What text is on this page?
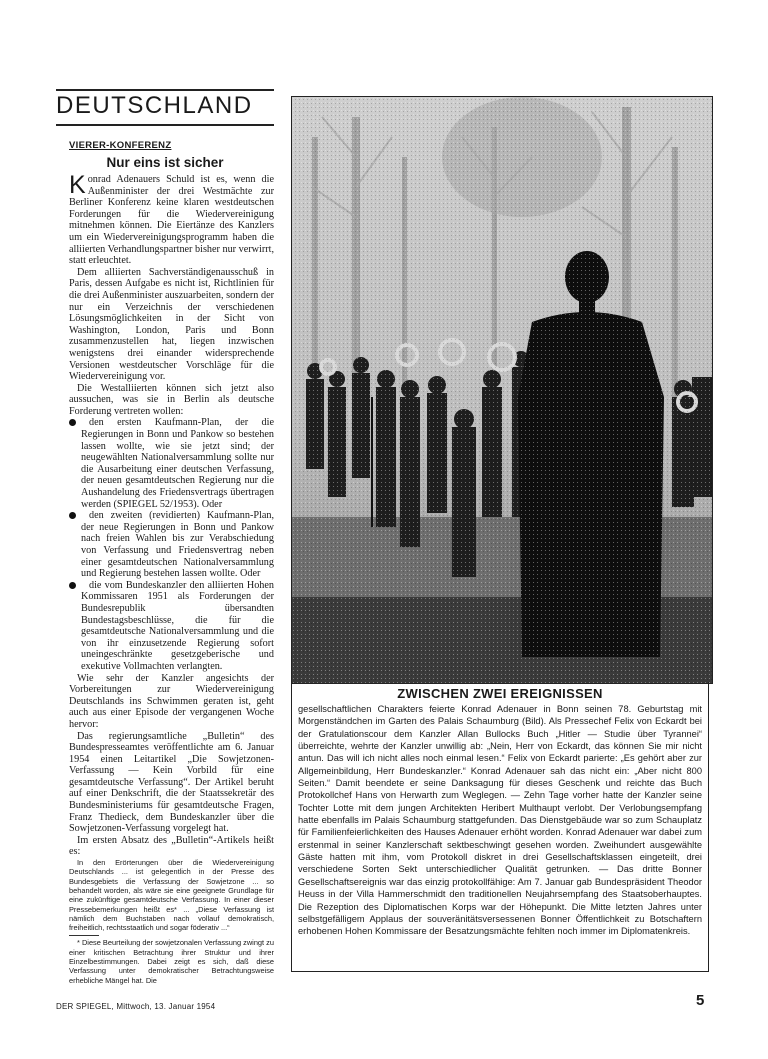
DEUTSCHLAND
VIERER-KONFERENZ
Nur eins ist sicher

Konrad Adenauers Schuld ist es, wenn die Außenminister der drei Westmächte zur Berliner Konferenz keine klaren westdeutschen Forderungen für die Wiedervereinigung mitnehmen können. Die Eiertänze des Kanzlers um ein Wiedervereinigungsprogramm haben die alliierten Verhandlungspartner bisher nur verwirrt, statt erleuchtet.

Dem alliierten Sachverständigenausschuß in Paris, dessen Aufgabe es nicht ist, Richtlinien für die drei Außenminister auszuarbeiten, sondern der nur ein Verzeichnis der verschiedenen Lösungsmöglichkeiten in der Sicht von Washington, London, Paris und Bonn zusammenzustellen hat, liegen inzwischen wenigstens drei einander widersprechende Versionen westdeutscher Vorschläge für die Wiedervereinigung vor.

Die Westalliierten können sich jetzt also aussuchen, was sie in Berlin als deutsche Forderung vertreten wollen:

den ersten Kaufmann-Plan, der die Regierungen in Bonn und Pankow so bestehen lassen wollte, wie sie jetzt sind; der neugewählten Nationalversammlung sollte nur die Ausarbeitung einer deutschen Verfassung, der neuen gesamtdeutschen Regierung nur die Aushandelung des Friedensvertrags übertragen werden (SPIEGEL 52/1953). Oder

den zweiten (revidierten) Kaufmann-Plan, der neue Regierungen in Bonn und Pankow nach freien Wahlen bis zur Verabschiedung von Verfassung und Friedensvertrag neben einer gesamtdeutschen Nationalversammlung und Regierung bestehen lassen wollte. Oder

die vom Bundeskanzler den alliierten Hohen Kommissaren 1951 als Forderungen der Bundesrepublik übersandten Bundestagsbeschlüsse, die für die gesamtdeutsche Nationalversammlung und die von ihr einzusetzende Regierung sofort uneingeschränkte gesetzgeberische und exekutive Vollmachten verlangten.

Wie sehr der Kanzler angesichts der Vorbereitungen zur Wiedervereinigung Deutschlands ins Schwimmen geraten ist, geht auch aus einer Episode der vergangenen Woche hervor:

Das regierungsamtliche „Bulletin“ des Bundespresseamtes veröffentlichte am 6. Januar 1954 einen Leitartikel „Die Sowjetzonen-Verfassung — Kein Vorbild für eine gesamtdeutsche Verfassung“. Der Artikel beruht auf einer Denkschrift, die der Staatssekretär des Bundesministeriums für gesamtdeutsche Fragen, Franz Thedieck, dem Bundeskanzler über die Sowjetzonen-Verfassung vorgelegt hat.

Im ersten Absatz des „Bulletin“-Artikels heißt es:

In den Erörterungen über die Wiedervereinigung Deutschlands ... ist gelegentlich in der Presse des Bundesgebiets die Verfassung der Sowjetzone ... so behandelt worden, als wäre sie eine geeignete Grundlage für eine zukünftige gesamtdeutsche Verfassung. In einer dieser Pressebemerkungen heißt es* ... „Diese Verfassung ist nämlich dem Buchstaben nach vollauf demokratisch, freiheitlich, rechtsstaatlich und sogar föderativ ...“

* Diese Beurteilung der sowjetzonalen Verfassung zwingt zu einer kritischen Betrachtung ihrer Struktur und ihrer Einzelbestimmungen. Dabei zeigt es sich, daß diese Verfassung unter demokratischer Betrachtungsweise erhebliche Mängel hat. Die

ZWISCHEN ZWEI EREIGNISSEN

gesellschaftlichen Charakters feierte Konrad Adenauer in Bonn seinen 78. Geburtstag mit Morgenständchen im Garten des Palais Schaumburg (Bild). Als Pressechef Felix von Eckardt bei der Gratulationscour dem Kanzler Allan Bullocks Buch „Hitler — Studie über Tyrannei“ überreichte, wehrte der Kanzler unwillig ab: „Nein, Herr von Eckardt, das können Sie mir nicht antun. Das will ich nicht alles noch einmal lesen.“ Felix von Eckardt parierte: „Es gehört aber zur Allgemeinbildung, Herr Bundeskanzler.“ Konrad Adenauer sah das nicht ein: „Aber nicht 800 Seiten.“ Damit beendete er seine Danksagung für dieses Geschenk und reichte das Buch Protokollchef Hans von Herwarth zum Weglegen. — Zehn Tage vorher hatte der Kanzler seine Tochter Lotte mit dem jungen Architekten Heribert Multhaupt verlobt. Der Verlobungsempfang hatte ebenfalls im Palais Schaumburg stattgefunden. Das Dienstgebäude war so zum Schauplatz für Familienfeierlichkeiten des Hauses Adenauer erhöht worden. Konrad Adenauer war dabei zum erstenmal in seiner Kanzlerschaft sektbeschwingt gesehen worden. Zweihundert ausgewählte Gäste hatten mit ihm, vom Protokoll diskret in drei Gesellschaftsklassen eingeteilt, drei verschiedene Sorten Sekt unterschiedlicher Qualität getrunken. — Das dritte Bonner Gesellschaftsereignis war das einzig protokollfähige: Am 7. Januar gab Bundespräsident Theodor Heuss in der Villa Hammerschmidt den traditionellen Neujahrsempfang des Staatsoberhauptes. Die Rezeption des Diplomatischen Korps war der Höhepunkt. Die Mitte letzten Jahres unter selbstgefälligem Applaus der souveränitätsversessenen Bonner Öffentlichkeit zu Botschaftern erhobenen Hohen Kommissare der Besatzungsmächte fehlten noch immer im Diplomatenkreis.

DER SPIEGEL, Mittwoch, 13. Januar 1954	5
